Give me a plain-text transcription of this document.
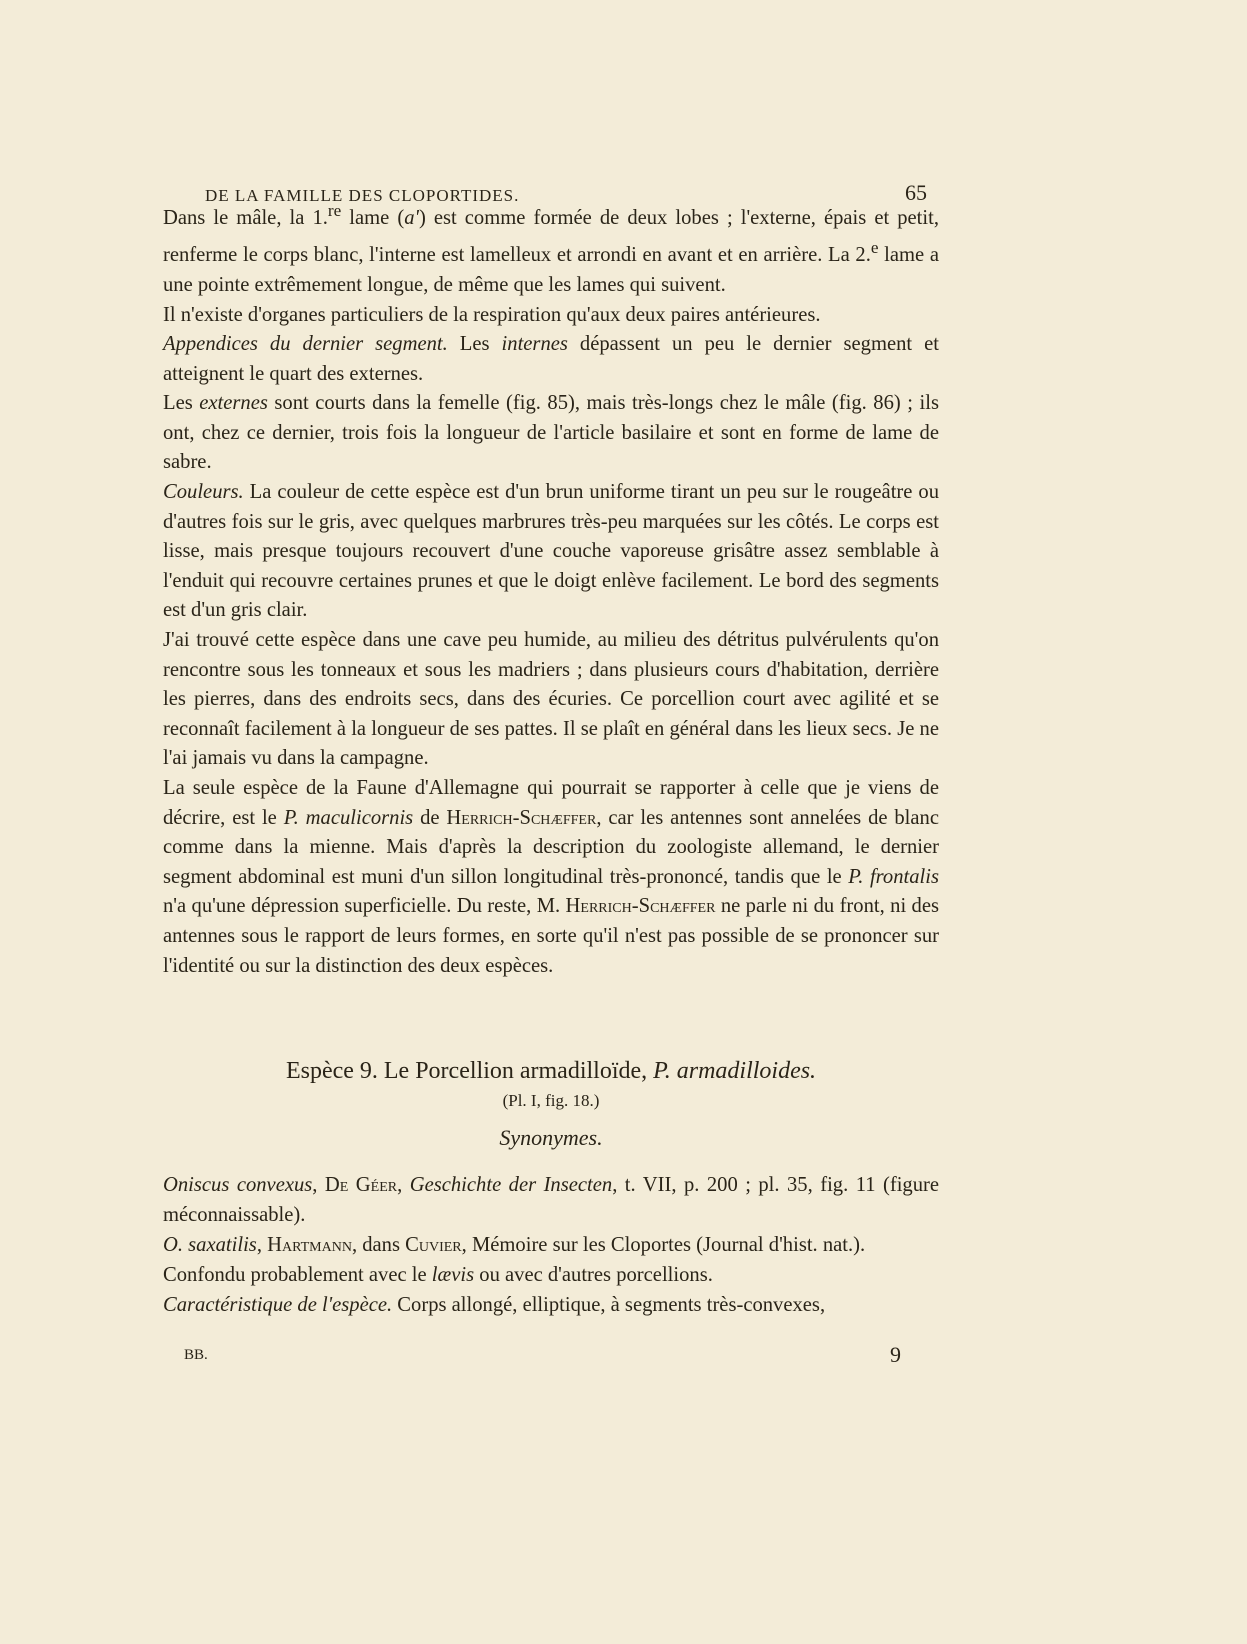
DE LA FAMILLE DES CLOPORTIDES.	65

Dans le mâle, la 1.$^{re}$ lame (a') est comme formée de deux lobes ; l'externe, épais et petit, renferme le corps blanc, l'interne est lamelleux et arrondi en avant et en arrière. La 2.$^e$ lame a une pointe extrêmement longue, de même que les lames qui suivent.

Il n'existe d'organes particuliers de la respiration qu'aux deux paires antérieures.

Appendices du dernier segment. Les internes dépassent un peu le dernier segment et atteignent le quart des externes.

Les externes sont courts dans la femelle (fig. 85), mais très-longs chez le mâle (fig. 86) ; ils ont, chez ce dernier, trois fois la longueur de l'article basilaire et sont en forme de lame de sabre.

Couleurs. La couleur de cette espèce est d'un brun uniforme tirant un peu sur le rougeâtre ou d'autres fois sur le gris, avec quelques marbrures très-peu marquées sur les côtés. Le corps est lisse, mais presque toujours recouvert d'une couche vaporeuse grisâtre assez semblable à l'enduit qui recouvre certaines prunes et que le doigt enlève facilement. Le bord des segments est d'un gris clair.

J'ai trouvé cette espèce dans une cave peu humide, au milieu des détritus pulvérulents qu'on rencontre sous les tonneaux et sous les madriers ; dans plusieurs cours d'habitation, derrière les pierres, dans des endroits secs, dans des écuries. Ce porcellion court avec agilité et se reconnaît facilement à la longueur de ses pattes. Il se plaît en général dans les lieux secs. Je ne l'ai jamais vu dans la campagne.

La seule espèce de la Faune d'Allemagne qui pourrait se rapporter à celle que je viens de décrire, est le P. maculicornis de Herrich-Schæffer, car les antennes sont annelées de blanc comme dans la mienne. Mais d'après la description du zoologiste allemand, le dernier segment abdominal est muni d'un sillon longitudinal très-prononcé, tandis que le P. frontalis n'a qu'une dépression superficielle. Du reste, M. Herrich-Schæffer ne parle ni du front, ni des antennes sous le rapport de leurs formes, en sorte qu'il n'est pas possible de se prononcer sur l'identité ou sur la distinction des deux espèces.

Espèce 9. Le Porcellion armadilloïde, P. armadilloides.
(Pl. I, fig. 18.)
Synonymes.

Oniscus convexus, De Géer, Geschichte der Insecten, t. VII, p. 200 ; pl. 35, fig. 11 (figure méconnaissable).

O. saxatilis, Hartmann, dans Cuvier, Mémoire sur les Cloportes (Journal d'hist. nat.).

Confondu probablement avec le lævis ou avec d'autres porcellions.

Caractéristique de l'espèce. Corps allongé, elliptique, à segments très-convexes,

BB.	9
